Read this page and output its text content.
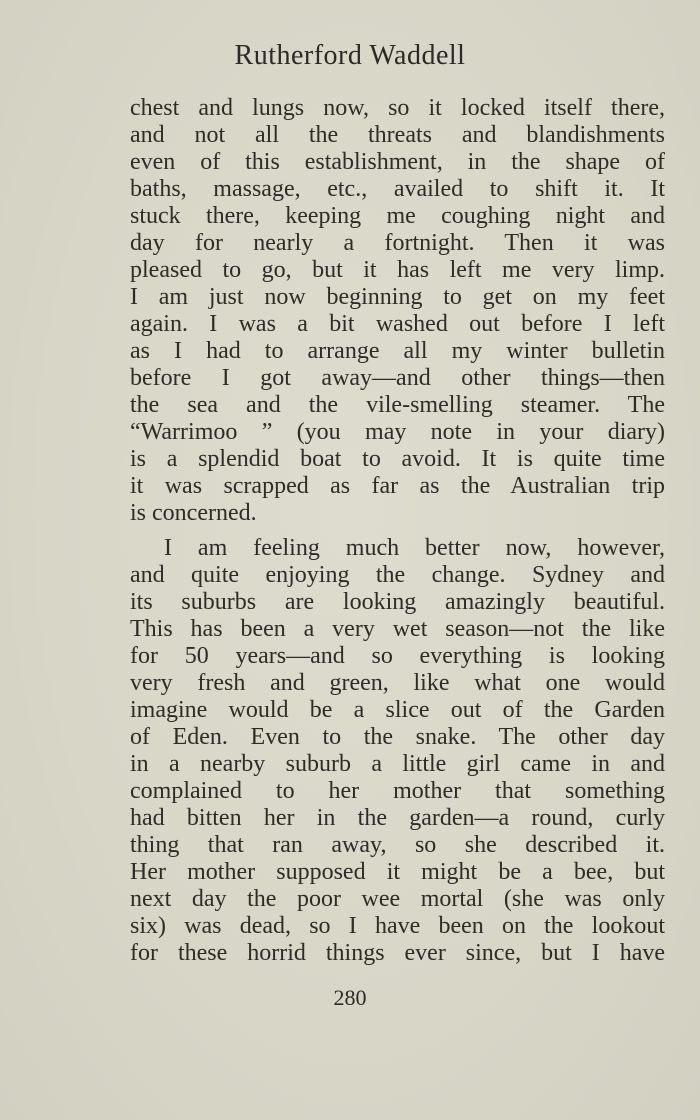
Rutherford Waddell
chest and lungs now, so it locked itself there,
and not all the threats and blandishments
even of this establishment, in the shape of
baths, massage, etc., availed to shift it. It
stuck there, keeping me coughing night and
day for nearly a fortnight. Then it was
pleased to go, but it has left me very limp.
I am just now beginning to get on my feet
again. I was a bit washed out before I left
as I had to arrange all my winter bulletin
before I got away—and other things—then
the sea and the vile-smelling steamer. The
“Warrimoo ” (you may note in your diary)
is a splendid boat to avoid. It is quite time
it was scrapped as far as the Australian trip
is concerned.
I am feeling much better now, however,
and quite enjoying the change. Sydney and
its suburbs are looking amazingly beautiful.
This has been a very wet season—not the like
for 50 years—and so everything is looking
very fresh and green, like what one would
imagine would be a slice out of the Garden
of Eden. Even to the snake. The other day
in a nearby suburb a little girl came in and
complained to her mother that something
had bitten her in the garden—a round, curly
thing that ran away, so she described it.
Her mother supposed it might be a bee, but
next day the poor wee mortal (she was only
six) was dead, so I have been on the lookout
for these horrid things ever since, but I have
280
